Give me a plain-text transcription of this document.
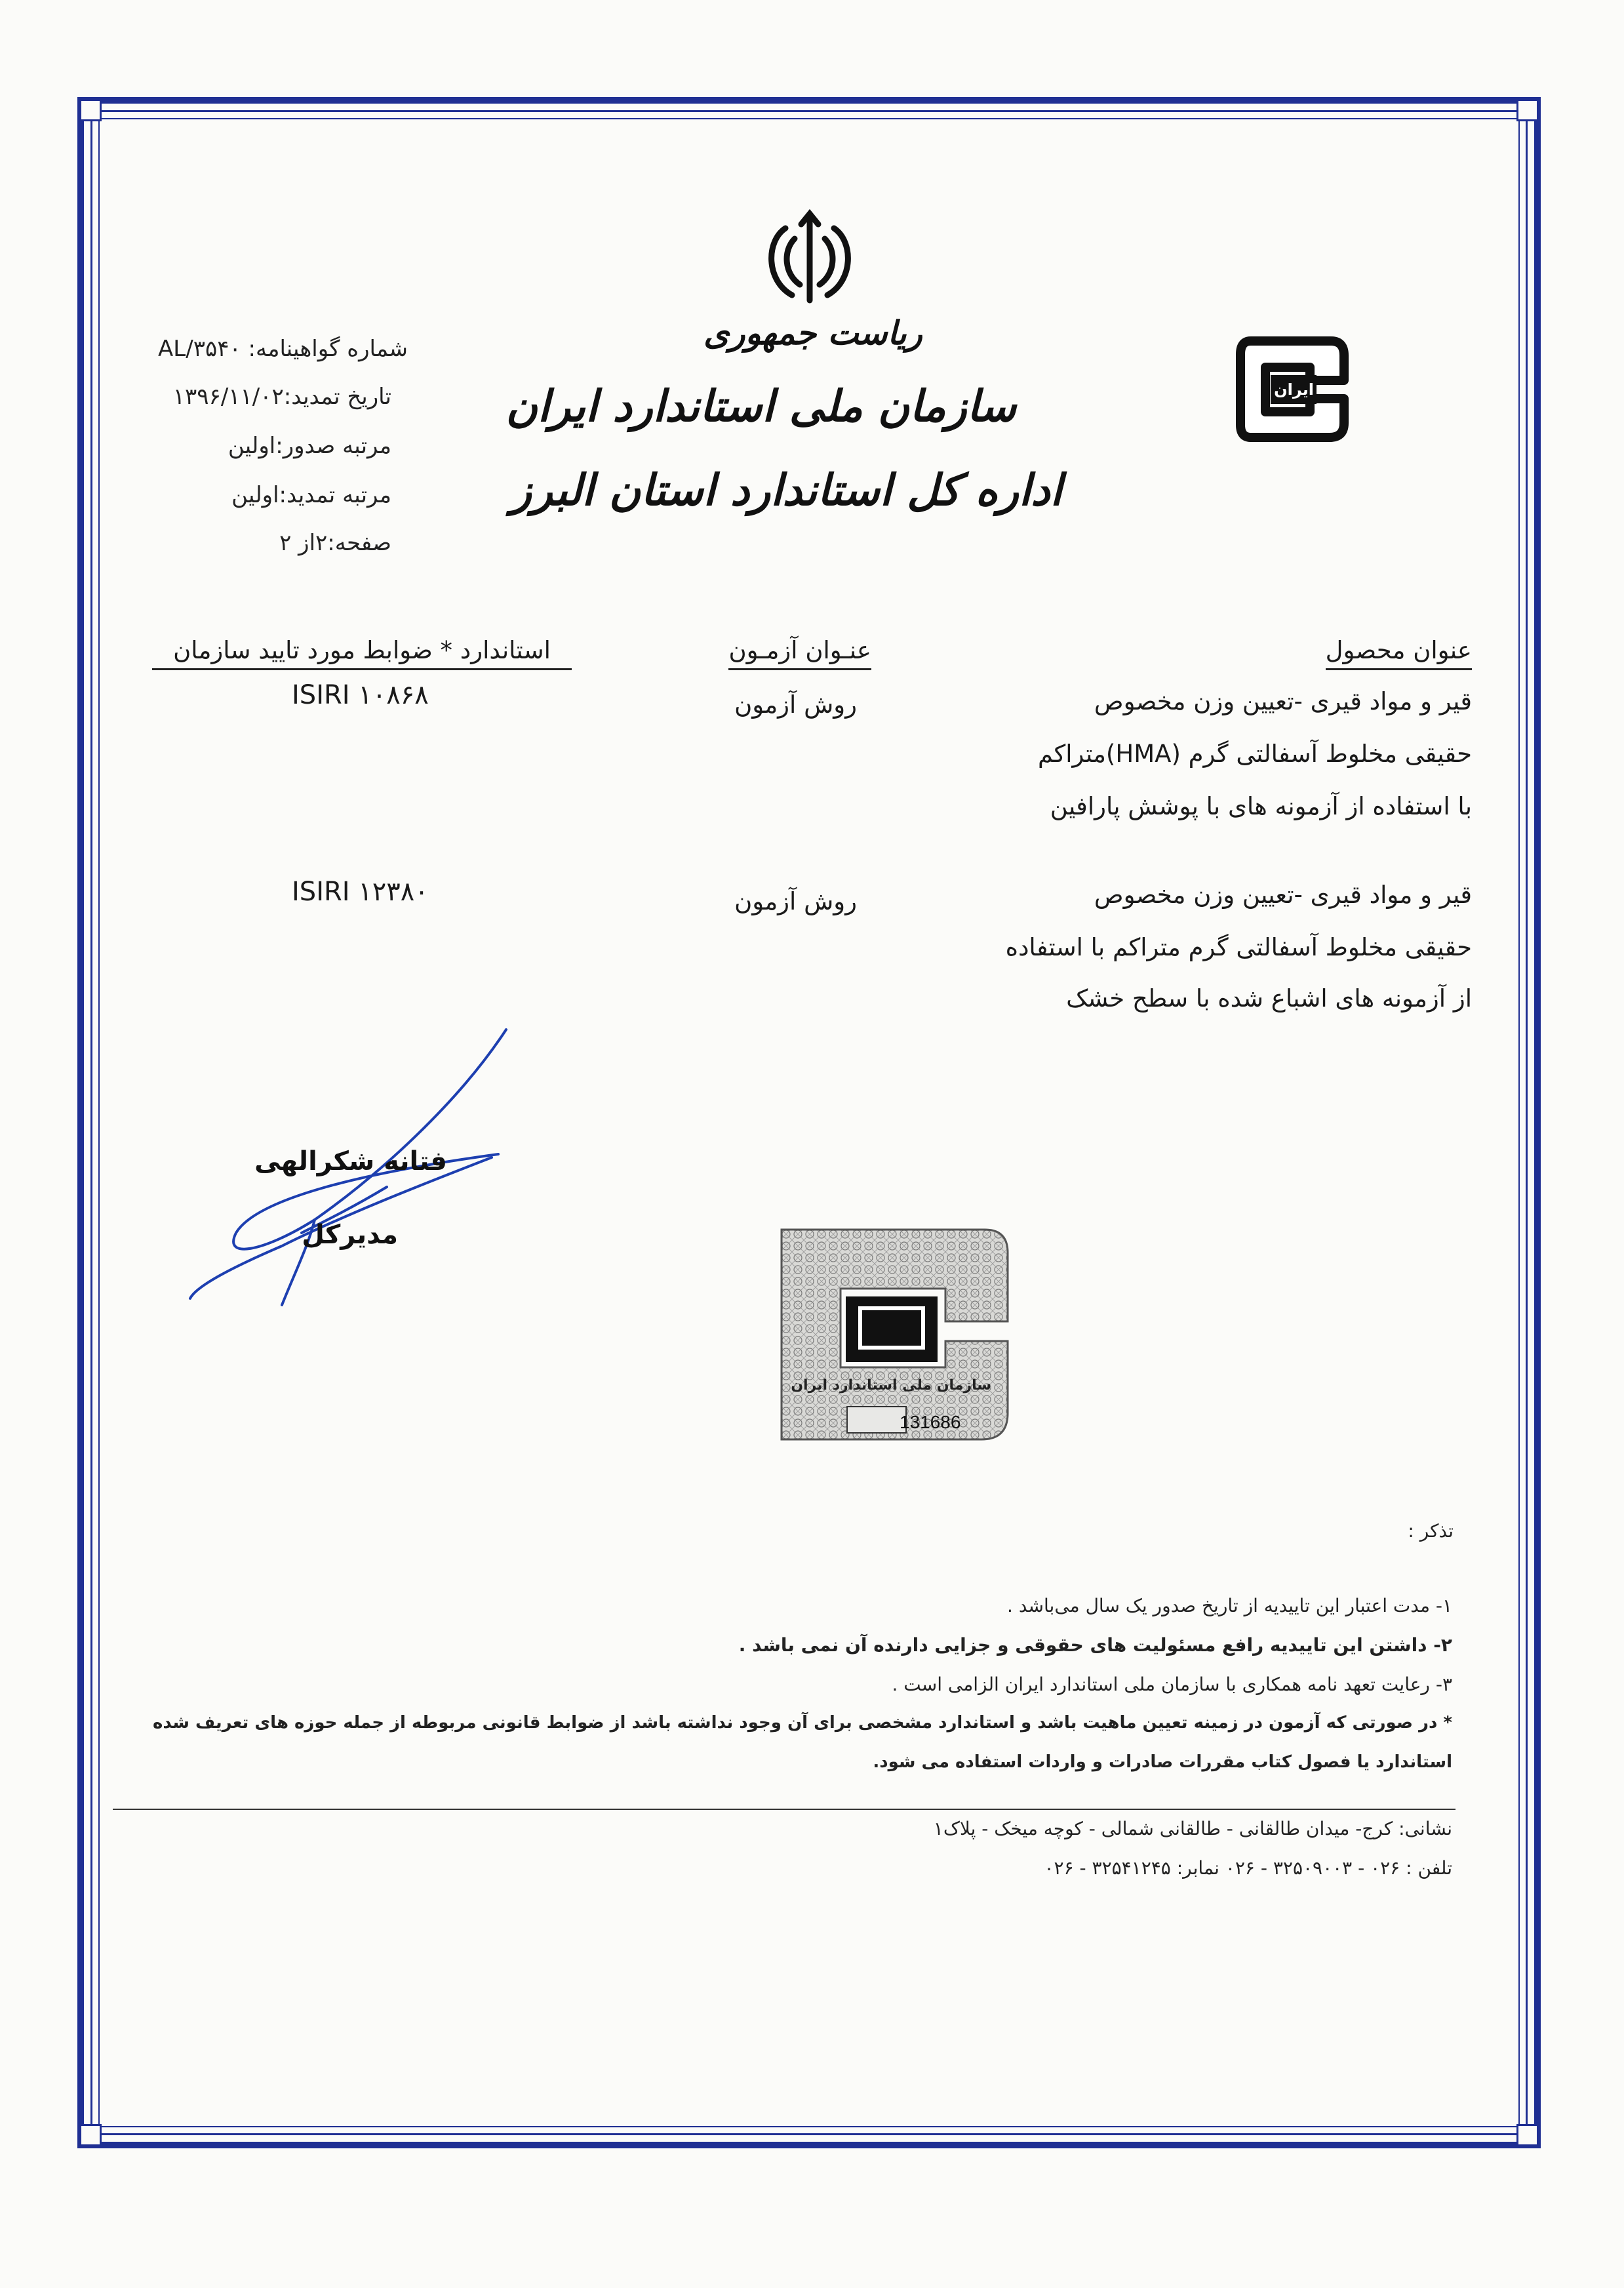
ریاست جمهوری
سازمان ملی استاندارد ایران
اداره کل استاندارد استان البرز
ایران
شماره گواهینامه: AL/۳۵۴۰
تاریخ تمدید:۱۳۹۶/۱۱/۰۲
مرتبه صدور:اولین
مرتبه تمدید:اولین
صفحه:۲از ۲
عنوان محصول
عنـوان آزمـون
استاندارد * ضوابط مورد تایید سازمان
قیر و مواد قیری -تعیین وزن مخصوص
حقیقی مخلوط آسفالتی گرم (HMA)متراکم
با استفاده از آزمونه های با پوشش پارافین
روش آزمون
ISIRI ۱۰۸۶۸
قیر و مواد قیری -تعیین وزن مخصوص
حقیقی مخلوط آسفالتی گرم متراکم با استفاده
از آزمونه های اشباع شده با سطح خشک
روش آزمون
ISIRI ۱۲۳۸۰
فتانه شکرالهی
مدیرکل
سازمان ملی استاندارد ایران
131686
تذکر :
۱- مدت اعتبار این تاییدیه از تاریخ صدور یک سال می‌باشد .
۲- داشتن این تاییدیه رافع مسئولیت های حقوقی و جزایی دارنده آن نمی باشد .
۳- رعایت تعهد نامه همکاری با سازمان ملی استاندارد ایران الزامی است .
* در صورتی که آزمون در زمینه تعیین ماهیت باشد و استاندارد مشخصی برای آن وجود نداشته باشد از ضوابط قانونی مربوطه از جمله حوزه های تعریف شده
استاندارد یا فصول کتاب مقررات صادرات و واردات استفاده می شود.
نشانی: کرج- میدان طالقانی - طالقانی شمالی - کوچه میخک - پلاک۱
تلفن : ۰۲۶ - ۳۲۵۰۹۰۰۳ - ۰۲۶ نمابر: ۳۲۵۴۱۲۴۵ - ۰۲۶
